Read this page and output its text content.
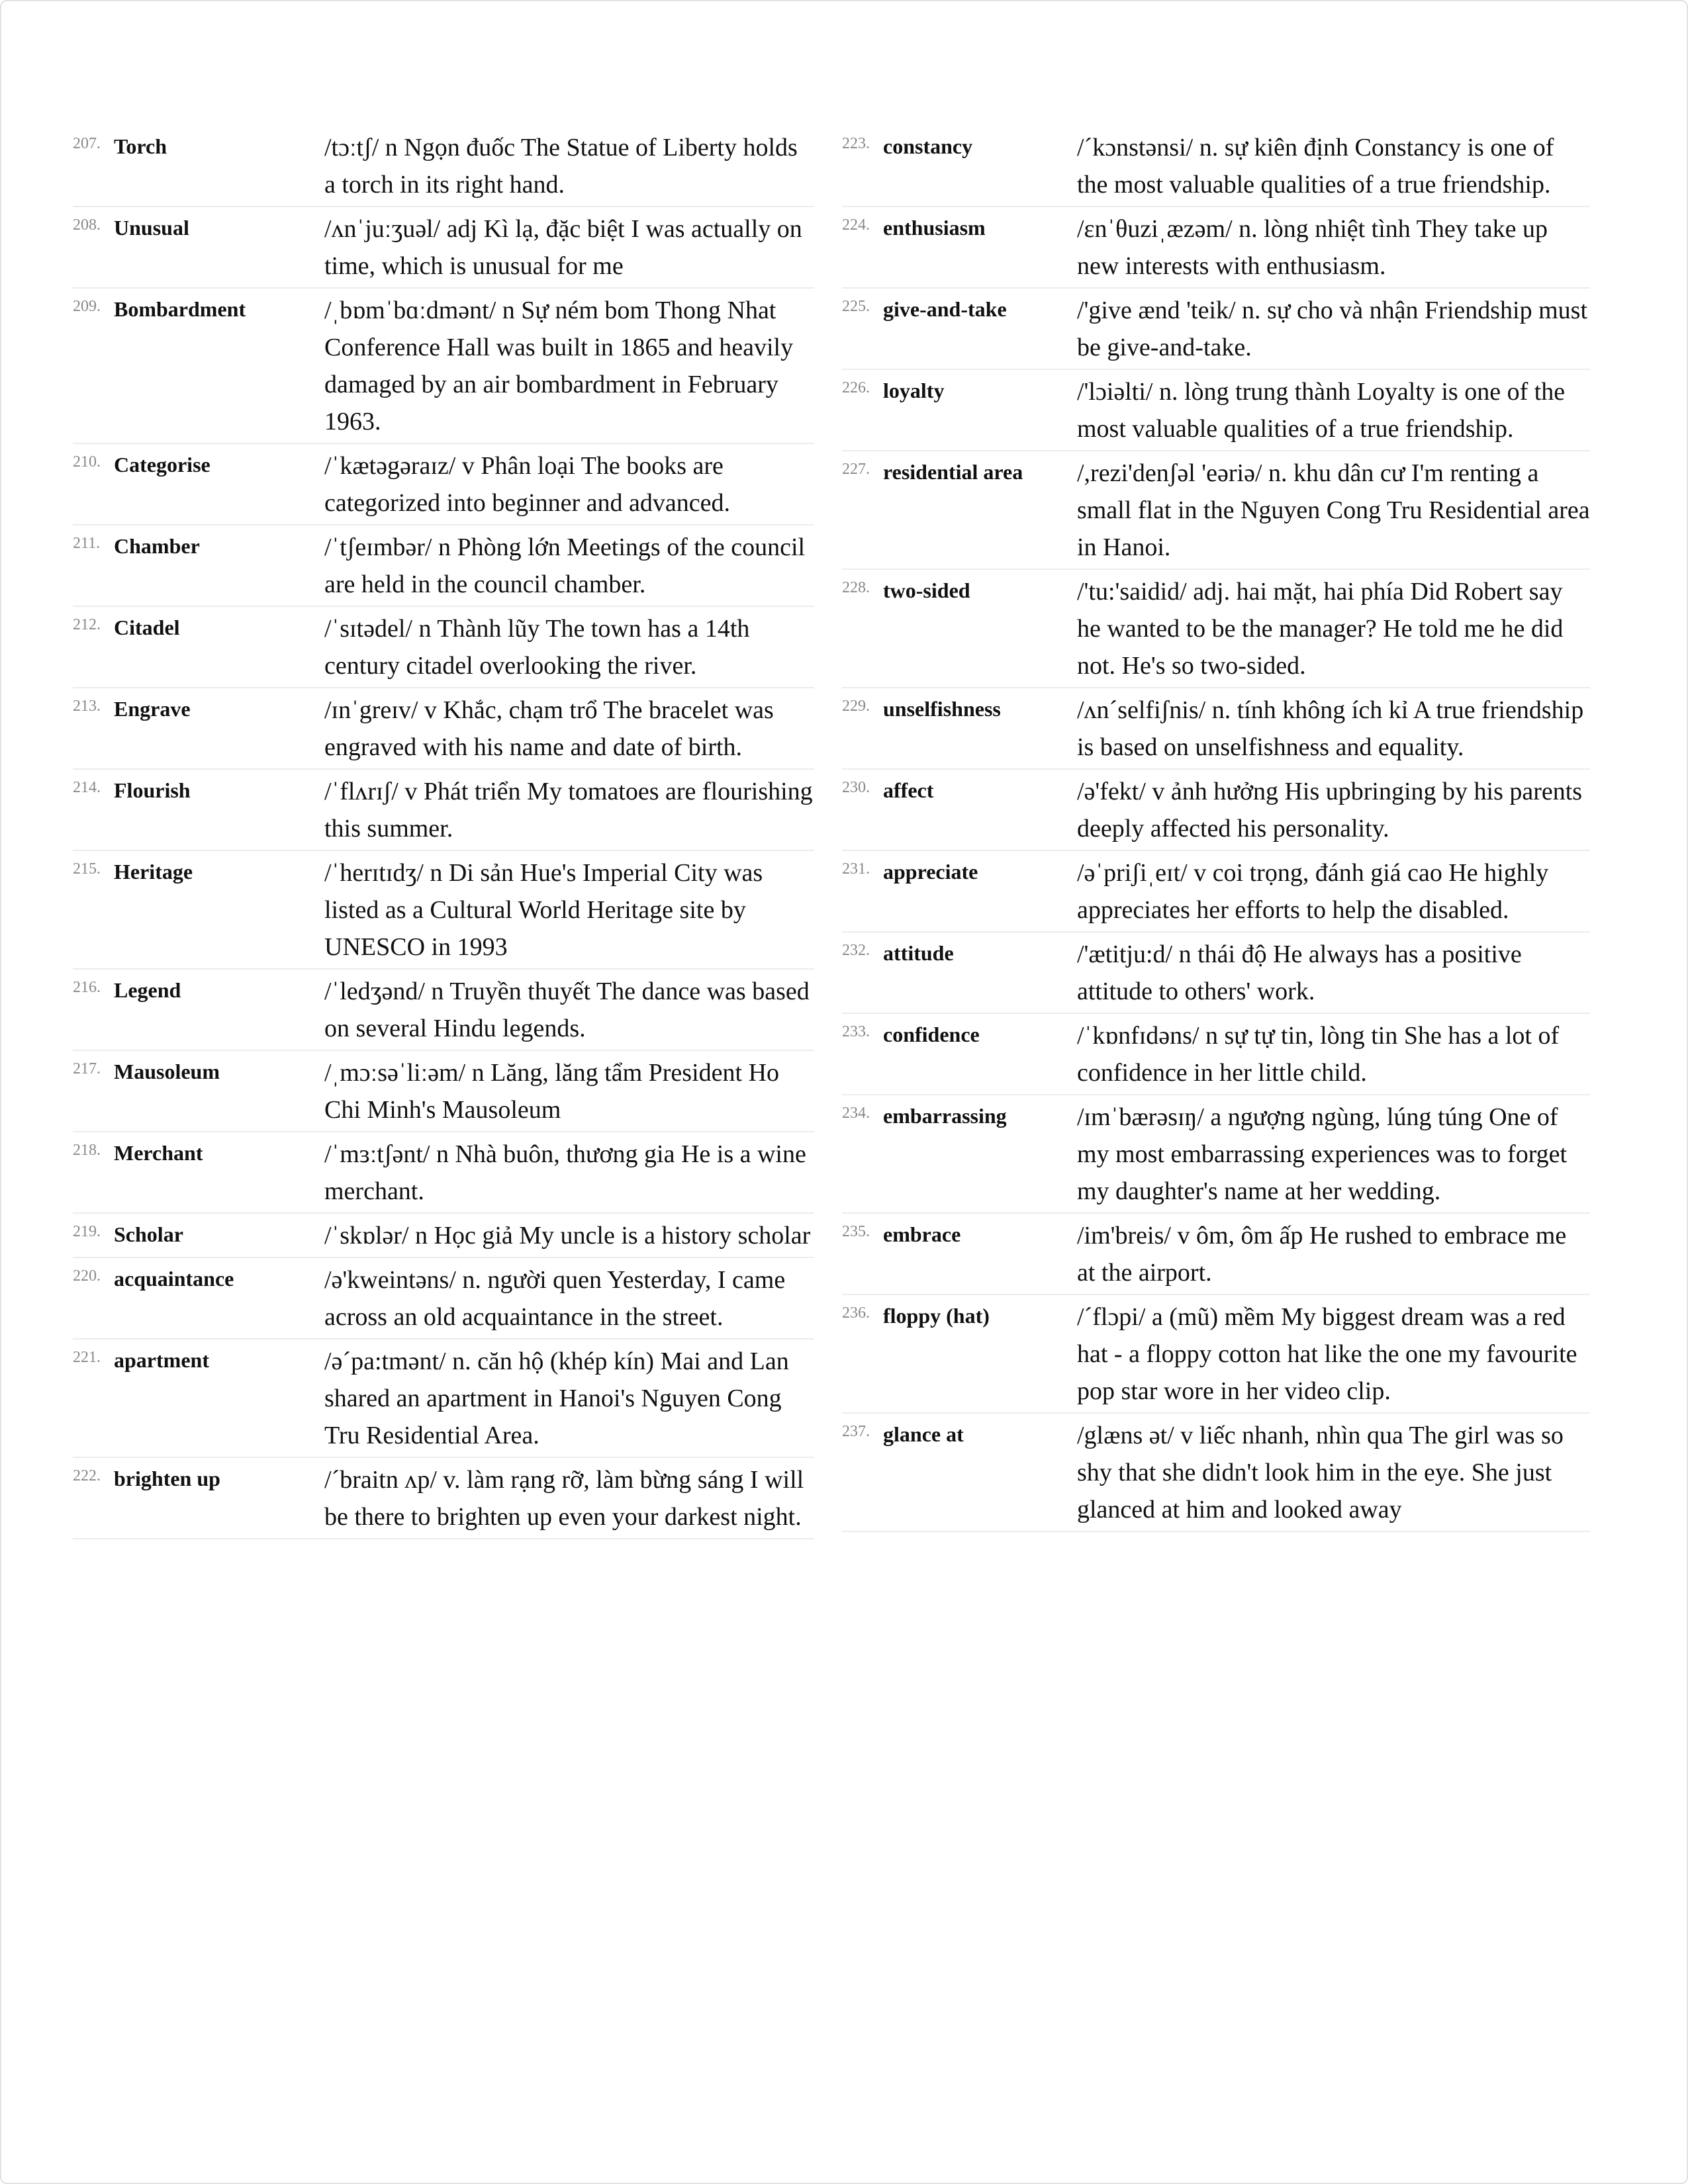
207. Torch	/tɔːtʃ/ n Ngọn đuốc The Statue of Liberty holds a torch in its right hand.
208. Unusual	/ʌnˈjuːʒuəl/ adj Kì lạ, đặc biệt I was actually on time, which is unusual for me
209. Bombardment	/ˌbɒmˈbɑːdmənt/ n Sự ném bom Thong Nhat Conference Hall was built in 1865 and heavily damaged by an air bombardment in February 1963.
210. Categorise	/ˈkætəgəraɪz/ v Phân loại The books are categorized into beginner and advanced.
211. Chamber	/ˈtʃeɪmbər/ n Phòng lớn Meetings of the council are held in the council chamber.
212. Citadel	/ˈsɪtədel/ n Thành lũy The town has a 14th century citadel overlooking the river.
213. Engrave	/ɪnˈgreɪv/ v Khắc, chạm trổ The bracelet was engraved with his name and date of birth.
214. Flourish	/ˈflʌrɪʃ/ v Phát triển My tomatoes are flourishing this summer.
215. Heritage	/ˈherɪtɪdʒ/ n Di sản Hue's Imperial City was listed as a Cultural World Heritage site by UNESCO in 1993
216. Legend	/ˈledʒənd/ n Truyền thuyết The dance was based on several Hindu legends.
217. Mausoleum	/ˌmɔːsəˈliːəm/ n Lăng, lăng tẩm President Ho Chi Minh's Mausoleum
218. Merchant	/ˈmɜːtʃənt/ n Nhà buôn, thương gia He is a wine merchant.
219. Scholar	/ˈskɒlər/ n Học giả My uncle is a history scholar
220. acquaintance	/ə'kweintəns/ n. người quen Yesterday, I came across an old acquaintance in the street.
221. apartment	/ə´pa:tmənt/ n. căn hộ (khép kín) Mai and Lan shared an apartment in Hanoi's Nguyen Cong Tru Residential Area.
222. brighten up	/´braitn ʌp/ v. làm rạng rỡ, làm bừng sáng I will be there to brighten up even your darkest night.
223. constancy	/´kɔnstənsi/ n. sự kiên định Constancy is one of the most valuable qualities of a true friendship.
224. enthusiasm	/ɛnˈθuziˌæzəm/ n. lòng nhiệt tình They take up new interests with enthusiasm.
225. give-and-take	/'give ænd 'teik/ n. sự cho và nhận Friendship must be give-and-take.
226. loyalty	/'lɔiəlti/ n. lòng trung thành Loyalty is one of the most valuable qualities of a true friendship.
227. residential area	/,rezi'denʃəl 'eəriə/ n. khu dân cư I'm renting a small flat in the Nguyen Cong Tru Residential area in Hanoi.
228. two-sided	/'tu:'saidid/ adj. hai mặt, hai phía Did Robert say he wanted to be the manager? He told me he did not. He's so two-sided.
229. unselfishness	/ʌn´selfiʃnis/ n. tính không ích kỉ A true friendship is based on unselfishness and equality.
230. affect	/ə'fekt/ v ảnh hưởng His upbringing by his parents deeply affected his personality.
231. appreciate	/əˈpriʃiˌeɪt/ v coi trọng, đánh giá cao He highly appreciates her efforts to help the disabled.
232. attitude	/'ætitju:d/ n thái độ He always has a positive attitude to others' work.
233. confidence	/ˈkɒnfɪdəns/ n sự tự tin, lòng tin She has a lot of confidence in her little child.
234. embarrassing	/ɪmˈbærəsɪŋ/ a ngượng ngùng, lúng túng One of my most embarrassing experiences was to forget my daughter's name at her wedding.
235. embrace	/im'breis/ v ôm, ôm ấp He rushed to embrace me at the airport.
236. floppy (hat)	/´flɔpi/ a (mũ) mềm My biggest dream was a red hat - a floppy cotton hat like the one my favourite pop star wore in her video clip.
237. glance at	/glæns ət/ v liếc nhanh, nhìn qua The girl was so shy that she didn't look him in the eye. She just glanced at him and looked away
